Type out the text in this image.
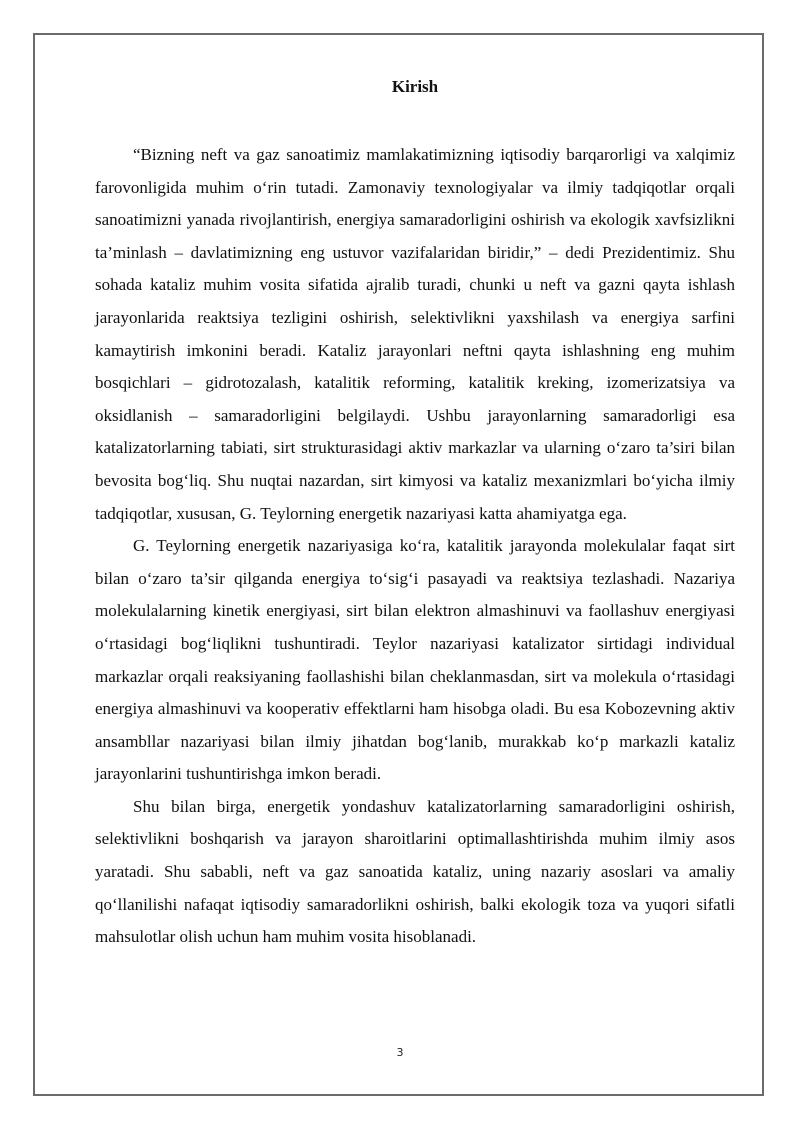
Kirish

“Bizning neft va gaz sanoatimiz mamlakatimizning iqtisodiy barqarorligi va xalqimiz farovonligida muhim o‘rin tutadi. Zamonaviy texnologiyalar va ilmiy tadqiqotlar orqali sanoatimizni yanada rivojlantirish, energiya samaradorligini oshirish va ekologik xavfsizlikni ta’minlash – davlatimizning eng ustuvor vazifalaridan biridir,” – dedi Prezidentimiz. Shu sohada kataliz muhim vosita sifatida ajralib turadi, chunki u neft va gazni qayta ishlash jarayonlarida reaktsiya tezligini oshirish, selektivlikni yaxshilash va energiya sarfini kamaytirish imkonini beradi. Kataliz jarayonlari neftni qayta ishlashning eng muhim bosqichlari – gidrotozalash, katalitik reforming, katalitik kreking, izomerizatsiya va oksidlanish – samaradorligini belgilaydi. Ushbu jarayonlarning samaradorligi esa katalizatorlarning tabiati, sirt strukturasidagi aktiv markazlar va ularning o‘zaro ta’siri bilan bevosita bog‘liq. Shu nuqtai nazardan, sirt kimyosi va kataliz mexanizmlari bo‘yicha ilmiy tadqiqotlar, xususan, G. Teylorning energetik nazariyasi katta ahamiyatga ega.

G. Teylorning energetik nazariyasiga ko‘ra, katalitik jarayonda molekulalar faqat sirt bilan o‘zaro ta’sir qilganda energiya to‘sig‘i pasayadi va reaktsiya tezlashadi. Nazariya molekulalarning kinetik energiyasi, sirt bilan elektron almashinuvi va faollashuv energiyasi o‘rtasidagi bog‘liqlikni tushuntiradi. Teylor nazariyasi katalizator sirtidagi individual markazlar orqali reaksiyaning faollashishi bilan cheklanmasdan, sirt va molekula o‘rtasidagi energiya almashinuvi va kooperativ effektlarni ham hisobga oladi. Bu esa Kobozevning aktiv ansambllar nazariyasi bilan ilmiy jihatdan bog‘lanib, murakkab ko‘p markazli kataliz jarayonlarini tushuntirishga imkon beradi.

Shu bilan birga, energetik yondashuv katalizatorlarning samaradorligini oshirish, selektivlikni boshqarish va jarayon sharoitlarini optimallashtirishda muhim ilmiy asos yaratadi. Shu sababli, neft va gaz sanoatida kataliz, uning nazariy asoslari va amaliy qo‘llanilishi nafaqat iqtisodiy samaradorlikni oshirish, balki ekologik toza va yuqori sifatli mahsulotlar olish uchun ham muhim vosita hisoblanadi.

3
